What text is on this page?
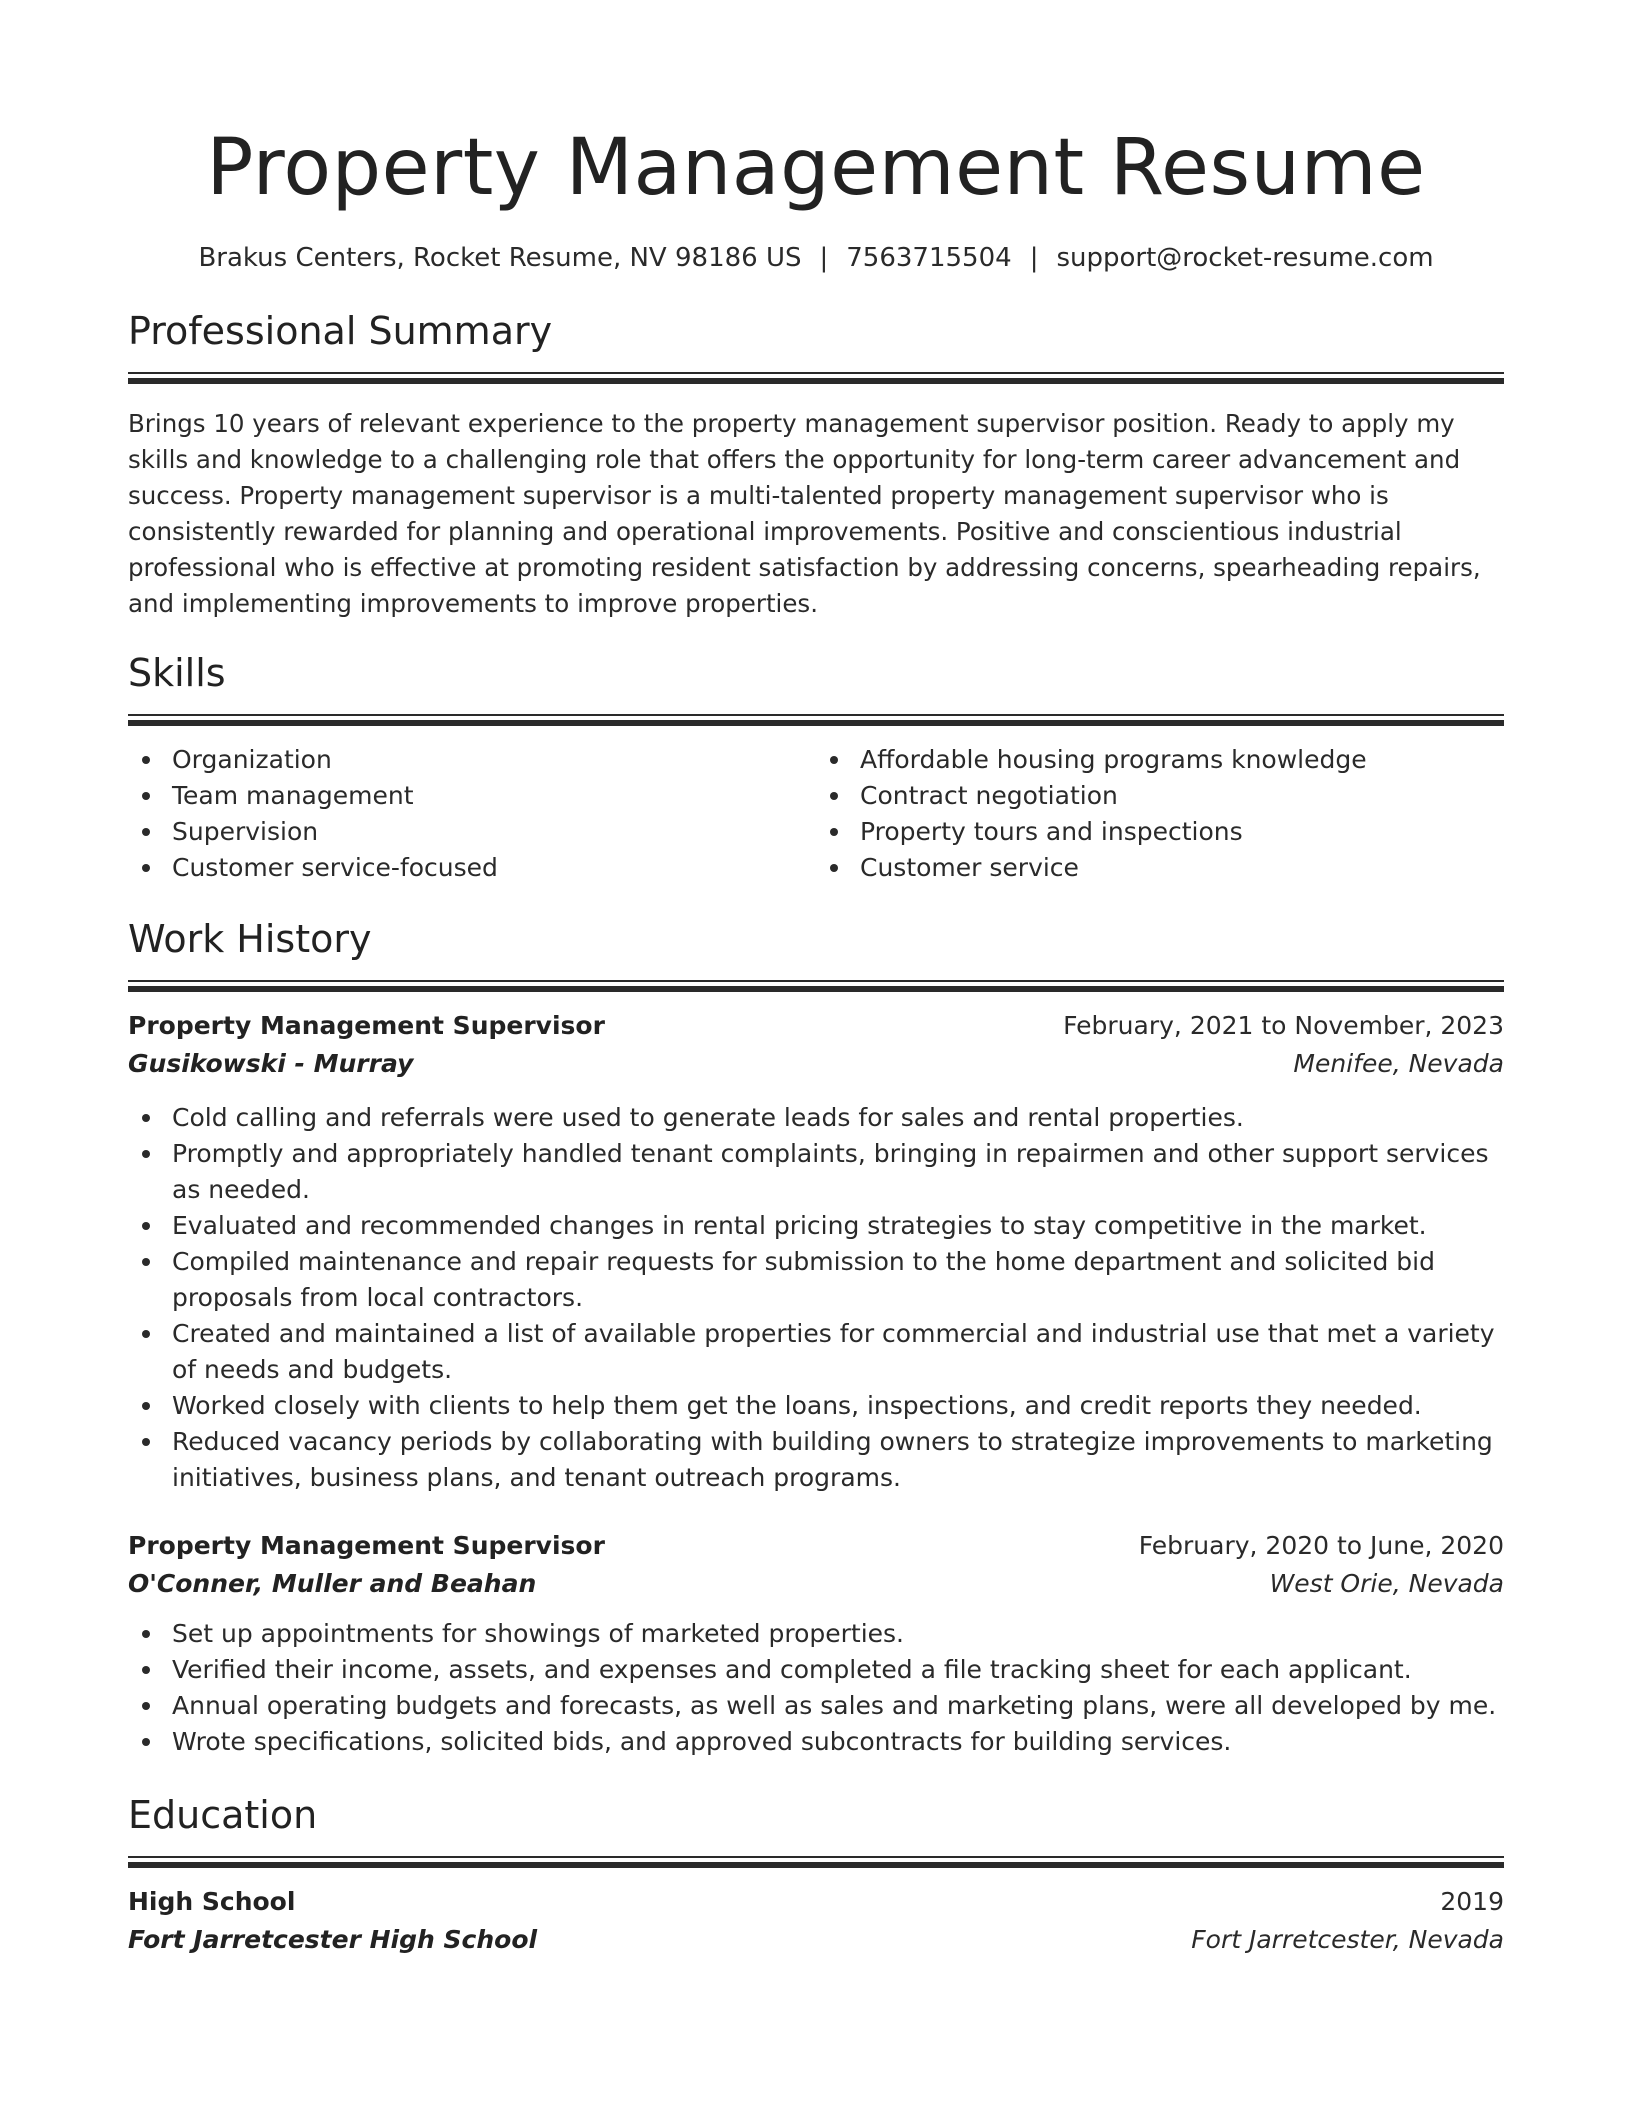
Property Management Resume
Brakus Centers, Rocket Resume, NV 98186 US | 7563715504 | support@rocket-resume.com
Professional Summary

Brings 10 years of relevant experience to the property management supervisor position. Ready to apply my skills and knowledge to a challenging role that offers the opportunity for long-term career advancement and success. Property management supervisor is a multi-talented property management supervisor who is consistently rewarded for planning and operational improvements. Positive and conscientious industrial professional who is effective at promoting resident satisfaction by addressing concerns, spearheading repairs, and implementing improvements to improve properties.

Skills
Organization
Team management
Supervision
Customer service-focused
Affordable housing programs knowledge
Contract negotiation
Property tours and inspections
Customer service
Work History
Property Management Supervisor	February, 2021 to November, 2023
Gusikowski - Murray	Menifee, Nevada
Cold calling and referrals were used to generate leads for sales and rental properties.
Promptly and appropriately handled tenant complaints, bringing in repairmen and other support services as needed.
Evaluated and recommended changes in rental pricing strategies to stay competitive in the market.
Compiled maintenance and repair requests for submission to the home department and solicited bid proposals from local contractors.
Created and maintained a list of available properties for commercial and industrial use that met a variety of needs and budgets.
Worked closely with clients to help them get the loans, inspections, and credit reports they needed.
Reduced vacancy periods by collaborating with building owners to strategize improvements to marketing initiatives, business plans, and tenant outreach programs.
Property Management Supervisor	February, 2020 to June, 2020
O'Conner, Muller and Beahan	West Orie, Nevada
Set up appointments for showings of marketed properties.
Verified their income, assets, and expenses and completed a file tracking sheet for each applicant.
Annual operating budgets and forecasts, as well as sales and marketing plans, were all developed by me.
Wrote specifications, solicited bids, and approved subcontracts for building services.
Education
High School	2019
Fort Jarretcester High School	Fort Jarretcester, Nevada
